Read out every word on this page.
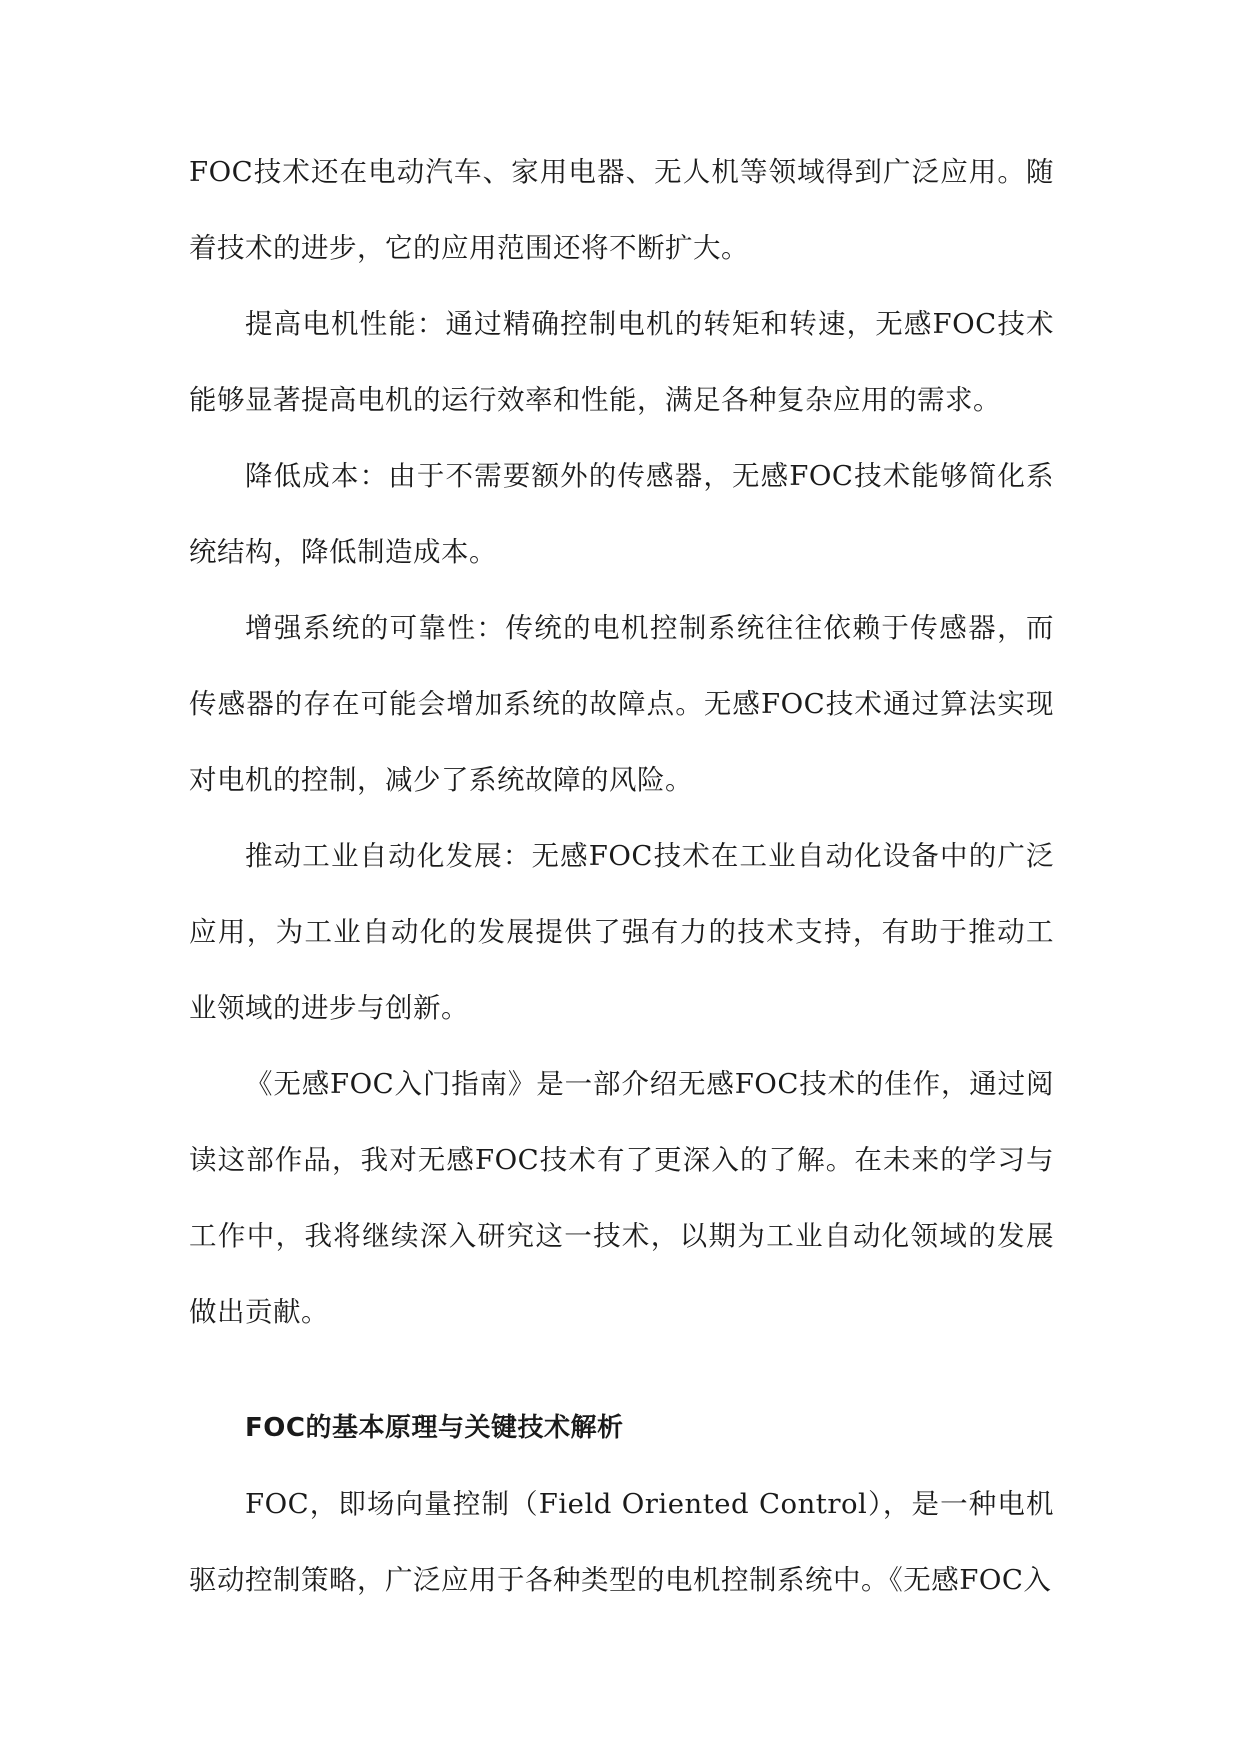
FOC技术还在电动汽车、家用电器、无人机等领域得到广泛应用。随着技术的进步，它的应用范围还将不断扩大。

提高电机性能：通过精确控制电机的转矩和转速，无感FOC技术能够显著提高电机的运行效率和性能，满足各种复杂应用的需求。

降低成本：由于不需要额外的传感器，无感FOC技术能够简化系统结构，降低制造成本。

增强系统的可靠性：传统的电机控制系统往往依赖于传感器，而传感器的存在可能会增加系统的故障点。无感FOC技术通过算法实现对电机的控制，减少了系统故障的风险。

推动工业自动化发展：无感FOC技术在工业自动化设备中的广泛应用，为工业自动化的发展提供了强有力的技术支持，有助于推动工业领域的进步与创新。

《无感FOC入门指南》是一部介绍无感FOC技术的佳作，通过阅读这部作品，我对无感FOC技术有了更深入的了解。在未来的学习与工作中，我将继续深入研究这一技术，以期为工业自动化领域的发展做出贡献。

FOC的基本原理与关键技术解析

FOC，即场向量控制（Field Oriented Control），是一种电机驱动控制策略，广泛应用于各种类型的电机控制系统中。《无感FOC入
